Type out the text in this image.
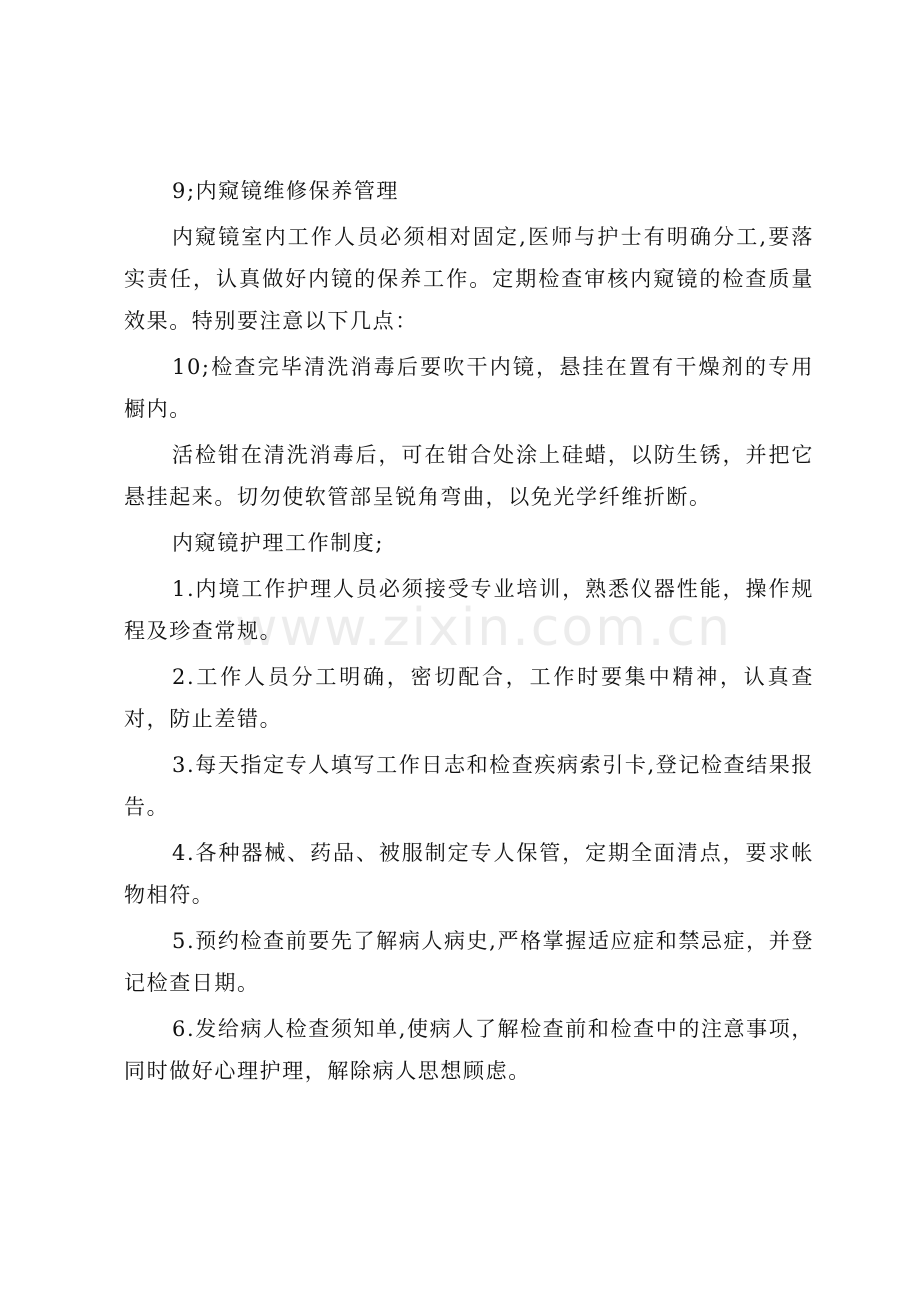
9;内窥镜维修保养管理

内窥镜室内工作人员必须相对固定,医师与护士有明确分工,要落实责任，认真做好内镜的保养工作。定期检查审核内窥镜的检查质量效果。特别要注意以下几点：

10;检查完毕清洗消毒后要吹干内镜，悬挂在置有干燥剂的专用橱内。

活检钳在清洗消毒后，可在钳合处涂上硅蜡，以防生锈，并把它悬挂起来。切勿使软管部呈锐角弯曲，以免光学纤维折断。

内窥镜护理工作制度;

1.内境工作护理人员必须接受专业培训，熟悉仪器性能，操作规程及珍查常规。

2.工作人员分工明确，密切配合，工作时要集中精神，认真查对，防止差错。

3.每天指定专人填写工作日志和检查疾病索引卡,登记检查结果报告。

4.各种器械、药品、被服制定专人保管，定期全面清点，要求帐物相符。

5.预约检查前要先了解病人病史,严格掌握适应症和禁忌症，并登记检查日期。

6.发给病人检查须知单,使病人了解检查前和检查中的注意事项，同时做好心理护理，解除病人思想顾虑。

www.zixin.com.cn
